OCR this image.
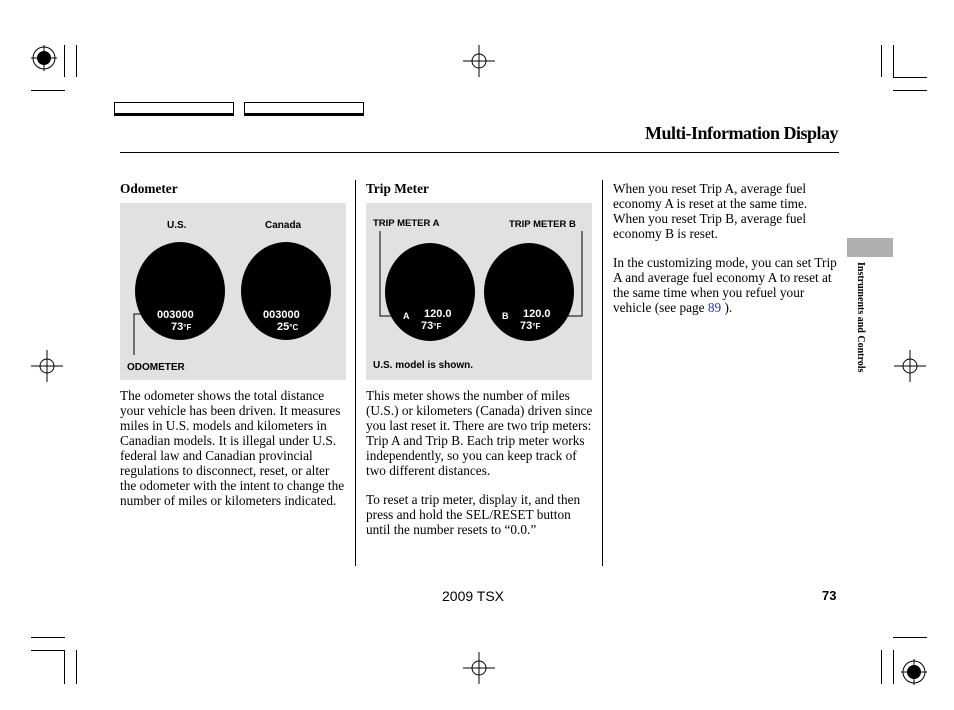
Multi-Information Display
Odometer
U.S.	Canada
003000
73°F
003000
25°C
ODOMETER

The odometer shows the total distance your vehicle has been driven. It measures miles in U.S. models and kilometers in Canadian models. It is illegal under U.S. federal law and Canadian provincial regulations to disconnect, reset, or alter the odometer with the intent to change the number of miles or kilometers indicated.

Trip Meter
TRIP METER A	TRIP METER B
A 120.0
73°F
B 120.0
73°F
U.S. model is shown.

This meter shows the number of miles (U.S.) or kilometers (Canada) driven since you last reset it. There are two trip meters: Trip A and Trip B. Each trip meter works independently, so you can keep track of two different distances.

To reset a trip meter, display it, and then press and hold the SEL/RESET button until the number resets to “0.0.”

When you reset Trip A, average fuel economy A is reset at the same time. When you reset Trip B, average fuel economy B is reset.

In the customizing mode, you can set Trip A and average fuel economy A to reset at the same time when you refuel your vehicle (see page 89 ).	Instruments and Controls
2009 TSX	73
